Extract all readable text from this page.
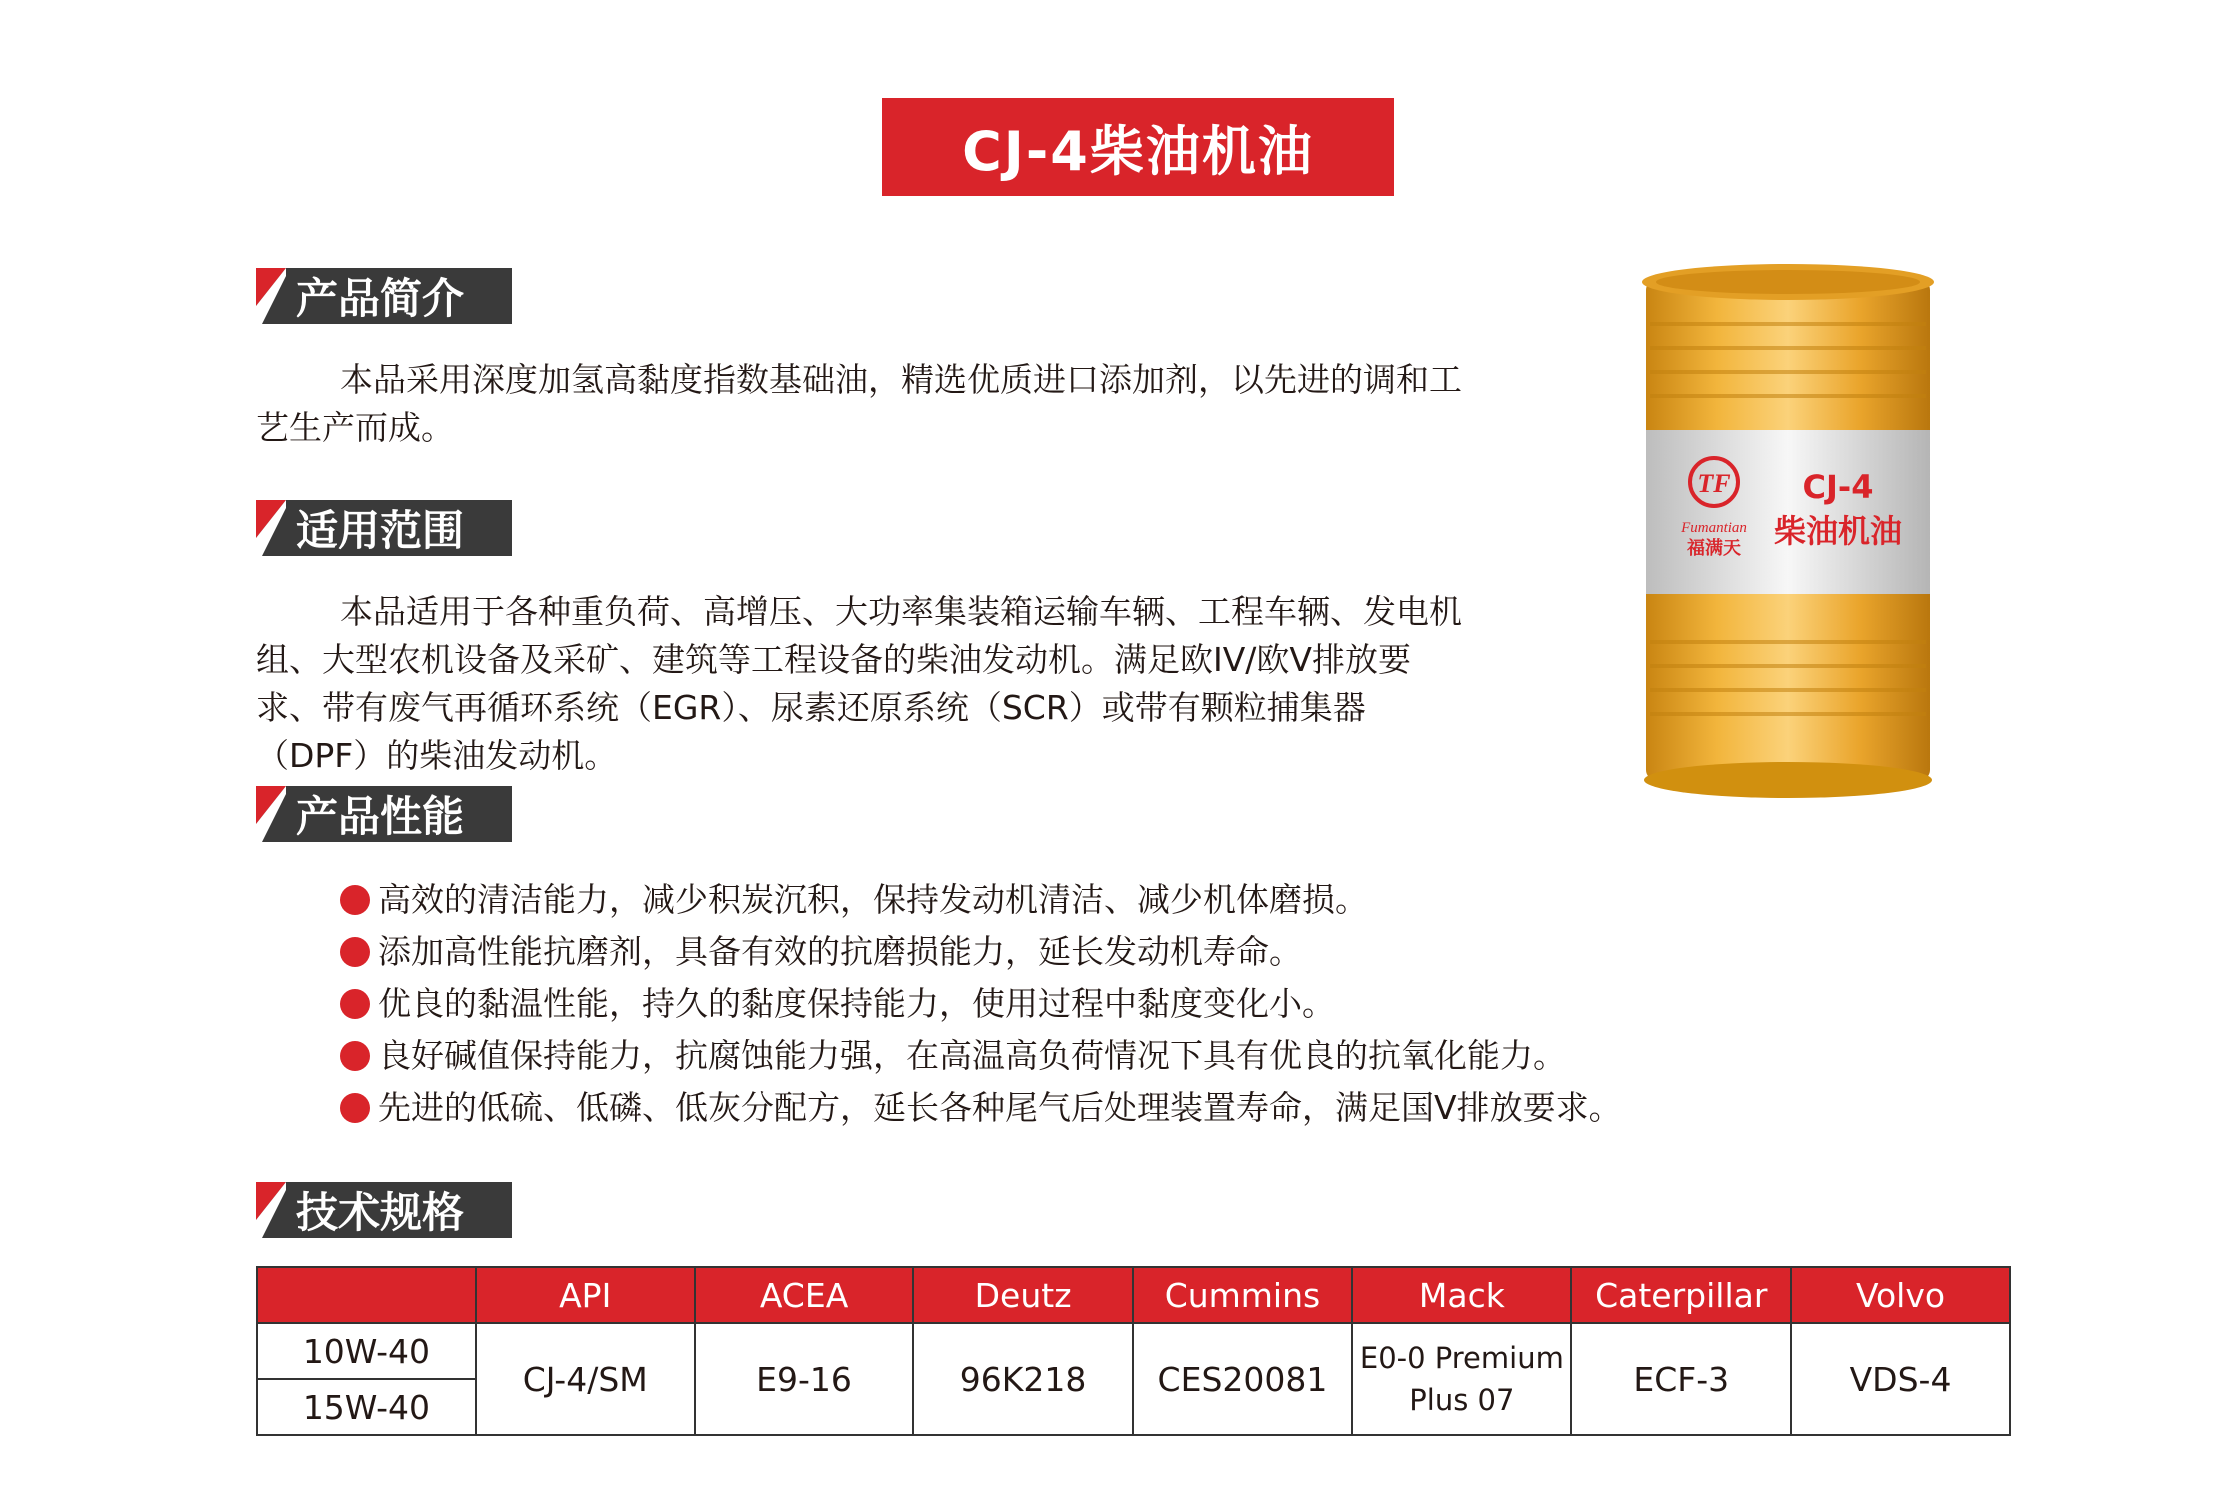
CJ-4柴油机油
产品简介

本品采用深度加氢高黏度指数基础油，精选优质进口添加剂，以先进的调和工艺生产而成。

适用范围

本品适用于各种重负荷、高增压、大功率集装箱运输车辆、工程车辆、发电机组、大型农机设备及采矿、建筑等工程设备的柴油发动机。满足欧IV/欧V排放要求、带有废气再循环系统（EGR）、尿素还原系统（SCR）或带有颗粒捕集器（DPF）的柴油发动机。

产品性能
高效的清洁能力，减少积炭沉积，保持发动机清洁、减少机体磨损。
添加高性能抗磨剂，具备有效的抗磨损能力，延长发动机寿命。
优良的黏温性能，持久的黏度保持能力，使用过程中黏度变化小。
良好碱值保持能力，抗腐蚀能力强，在高温高负荷情况下具有优良的抗氧化能力。
先进的低硫、低磷、低灰分配方，延长各种尾气后处理装置寿命，满足国V排放要求。
技术规格
	API	ACEA	Deutz	Cummins	Mack	Caterpillar	Volvo
10W-40	CJ-4/SM	E9-16	96K218	CES20081	E0-0 Premium Plus 07	ECF-3	VDS-4
15W-40							
TF
Fumantian
福满天
CJ-4
柴油机油
